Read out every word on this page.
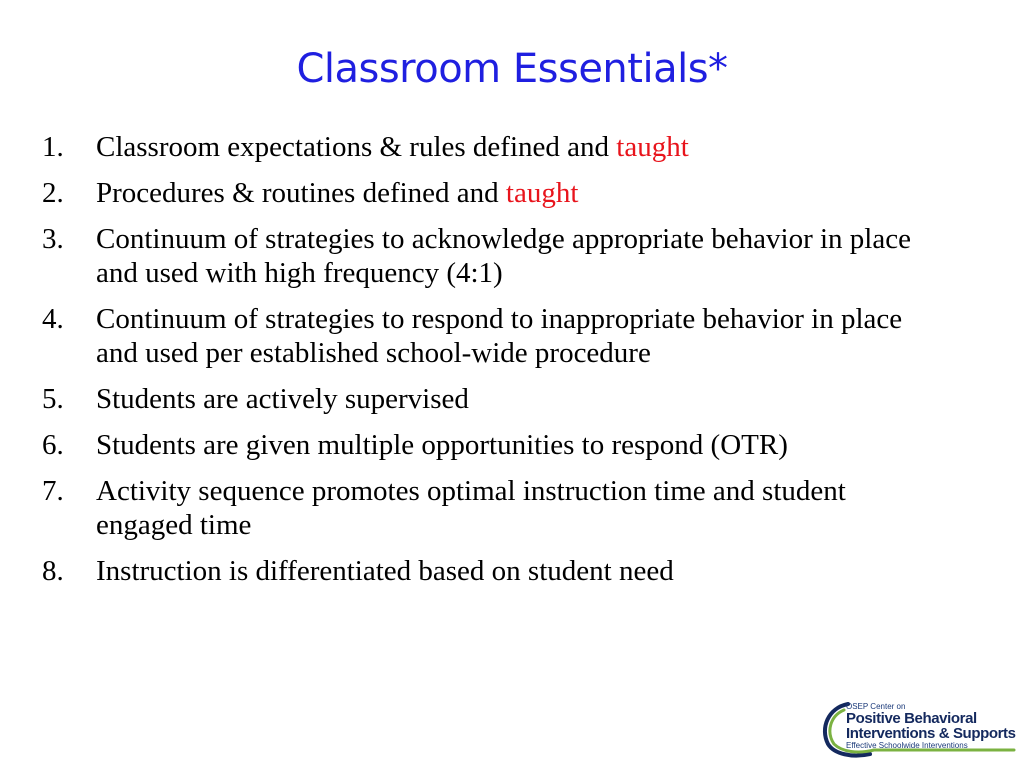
Classroom Essentials*
1.	Classroom expectations & rules defined and taught
2.	Procedures & routines defined and taught
3.	Continuum of strategies to acknowledge appropriate behavior in place and used with high frequency (4:1)
4.	Continuum of strategies to respond to inappropriate behavior in place and used per established school-wide procedure
5.	Students are actively supervised
6.	Students are given multiple opportunities to respond (OTR)
7.	Activity sequence promotes optimal instruction time and student engaged time
8.	Instruction is differentiated based on student need
OSEP Center on
Positive Behavioral
Interventions & Supports
Effective Schoolwide Interventions
